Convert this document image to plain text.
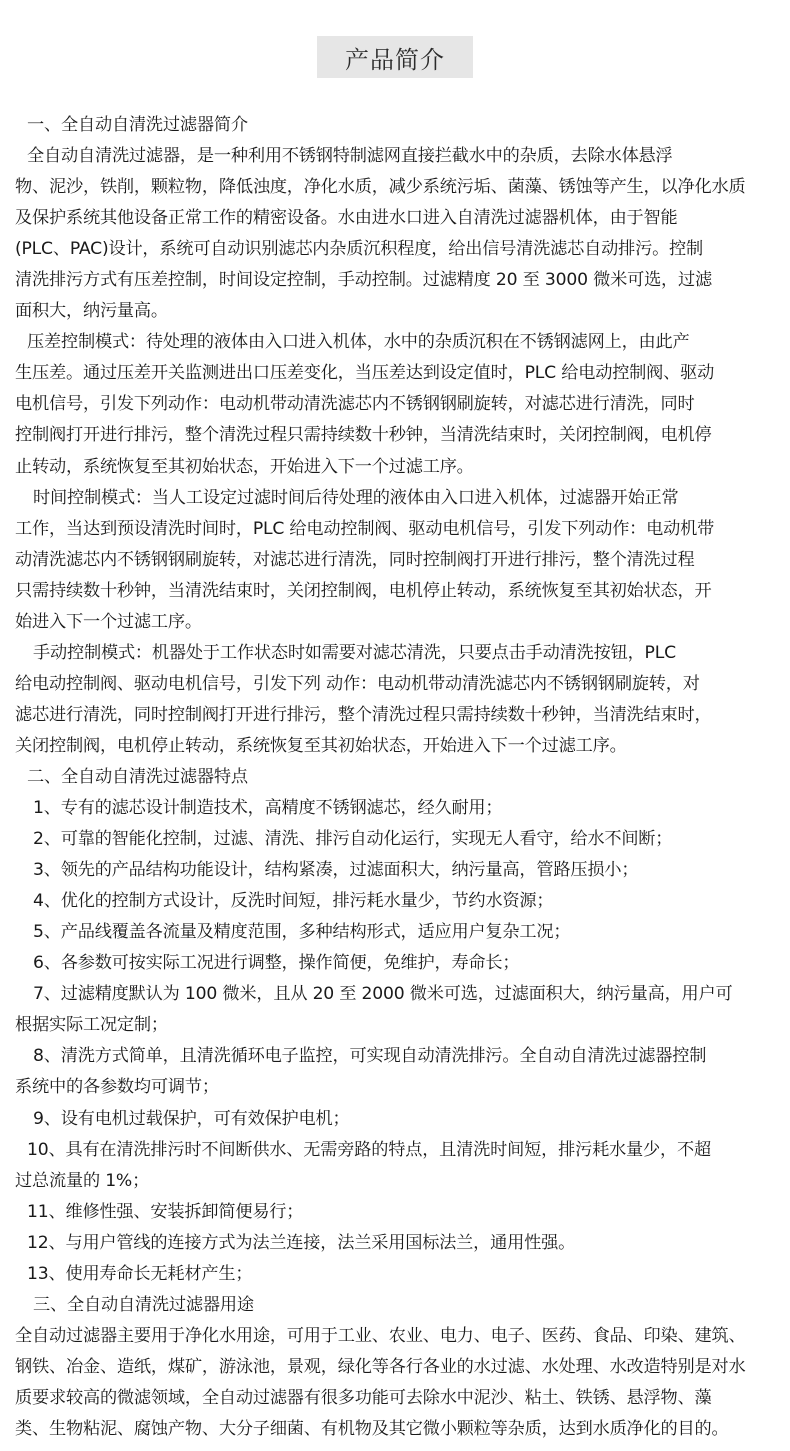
产品简介
一、全自动自清洗过滤器简介
全自动自清洗过滤器，是一种利用不锈钢特制滤网直接拦截水中的杂质，去除水体悬浮
物、泥沙，铁削，颗粒物，降低浊度，净化水质，减少系统污垢、菌藻、锈蚀等产生，以净化水质
及保护系统其他设备正常工作的精密设备。水由进水口进入自清洗过滤器机体，由于智能
(PLC、PAC)设计，系统可自动识别滤芯内杂质沉积程度，给出信号清洗滤芯自动排污。控制
清洗排污方式有压差控制，时间设定控制，手动控制。过滤精度 20 至 3000 微米可选，过滤
面积大，纳污量高。
压差控制模式：待处理的液体由入口进入机体，水中的杂质沉积在不锈钢滤网上，由此产
生压差。通过压差开关监测进出口压差变化，当压差达到设定值时，PLC 给电动控制阀、驱动
电机信号，引发下列动作：电动机带动清洗滤芯内不锈钢钢刷旋转，对滤芯进行清洗，同时
控制阀打开进行排污，整个清洗过程只需持续数十秒钟，当清洗结束时，关闭控制阀，电机停
止转动，系统恢复至其初始状态，开始进入下一个过滤工序。
时间控制模式：当人工设定过滤时间后待处理的液体由入口进入机体，过滤器开始正常
工作，当达到预设清洗时间时，PLC 给电动控制阀、驱动电机信号，引发下列动作：电动机带
动清洗滤芯内不锈钢钢刷旋转，对滤芯进行清洗，同时控制阀打开进行排污，整个清洗过程
只需持续数十秒钟，当清洗结束时，关闭控制阀，电机停止转动，系统恢复至其初始状态，开
始进入下一个过滤工序。
手动控制模式：机器处于工作状态时如需要对滤芯清洗，只要点击手动清洗按钮，PLC
给电动控制阀、驱动电机信号，引发下列 动作：电动机带动清洗滤芯内不锈钢钢刷旋转，对
滤芯进行清洗，同时控制阀打开进行排污，整个清洗过程只需持续数十秒钟，当清洗结束时，
关闭控制阀，电机停止转动，系统恢复至其初始状态，开始进入下一个过滤工序。
二、全自动自清洗过滤器特点
1、专有的滤芯设计制造技术，高精度不锈钢滤芯，经久耐用；
2、可靠的智能化控制，过滤、清洗、排污自动化运行，实现无人看守，给水不间断；
3、领先的产品结构功能设计，结构紧凑，过滤面积大，纳污量高，管路压损小；
4、优化的控制方式设计，反洗时间短，排污耗水量少，节约水资源；
5、产品线覆盖各流量及精度范围，多种结构形式，适应用户复杂工况；
6、各参数可按实际工况进行调整，操作简便，免维护，寿命长；
7、过滤精度默认为 100 微米，且从 20 至 2000 微米可选，过滤面积大，纳污量高，用户可
根据实际工况定制；
8、清洗方式简单，且清洗循环电子监控，可实现自动清洗排污。全自动自清洗过滤器控制
系统中的各参数均可调节；
9、设有电机过载保护，可有效保护电机；
10、具有在清洗排污时不间断供水、无需旁路的特点，且清洗时间短，排污耗水量少，不超
过总流量的 1%；
11、维修性强、安装拆卸简便易行；
12、与用户管线的连接方式为法兰连接，法兰采用国标法兰，通用性强。
13、使用寿命长无耗材产生；
三、全自动自清洗过滤器用途
全自动过滤器主要用于净化水用途，可用于工业、农业、电力、电子、医药、食品、印染、建筑、
钢铁、冶金、造纸，煤矿，游泳池，景观，绿化等各行各业的水过滤、水处理、水改造特别是对水
质要求较高的微滤领域，全自动过滤器有很多功能可去除水中泥沙、粘土、铁锈、悬浮物、藻
类、生物粘泥、腐蚀产物、大分子细菌、有机物及其它微小颗粒等杂质，达到水质净化的目的。
